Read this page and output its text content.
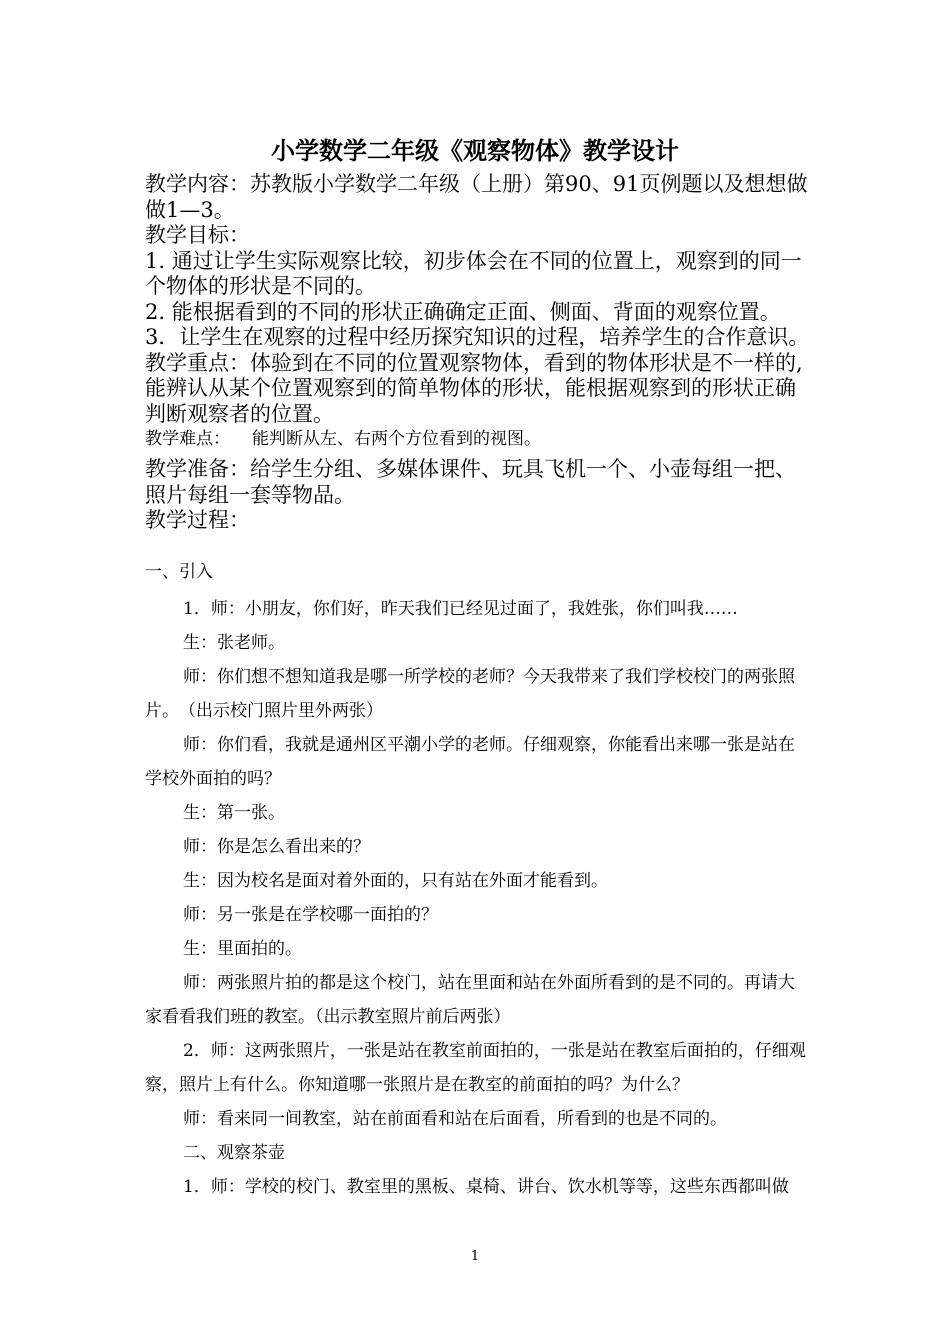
小学数学二年级《观察物体》教学设计

教学内容：苏教版小学数学二年级（上册）第90、91页例题以及想想做做1—3。

教学目标：

1. 通过让学生实际观察比较，初步体会在不同的位置上，观察到的同一个物体的形状是不同的。

2. 能根据看到的不同的形状正确确定正面、侧面、背面的观察位置。

3．让学生在观察的过程中经历探究知识的过程，培养学生的合作意识。

教学重点：体验到在不同的位置观察物体，看到的物体形状是不一样的,能辨认从某个位置观察到的简单物体的形状，能根据观察到的形状正确判断观察者的位置。

教学难点： 能判断从左、右两个方位看到的视图。

教学准备：给学生分组、多媒体课件、玩具飞机一个、小壶每组一把、照片每组一套等物品。

教学过程：

一、引入

1．师：小朋友，你们好，昨天我们已经见过面了，我姓张，你们叫我……

生：张老师。

师：你们想不想知道我是哪一所学校的老师？今天我带来了我们学校校门的两张照片。　（出示校门照片里外两张）

师：你们看，我就是通州区平潮小学的老师。仔细观察，你能看出来哪一张是站在学校外面拍的吗？

生：第一张。

师：你是怎么看出来的？

生：因为校名是面对着外面的，只有站在外面才能看到。

师：另一张是在学校哪一面拍的？

生：里面拍的。

师：两张照片拍的都是这个校门，站在里面和站在外面所看到的是不同的。再请大家看看我们班的教室。（出示教室照片前后两张）

2．师：这两张照片，一张是站在教室前面拍的，一张是站在教室后面拍的，仔细观察，照片上有什么。你知道哪一张照片是在教室的前面拍的吗？为什么？

师：看来同一间教室，站在前面看和站在后面看，所看到的也是不同的。

二、观察茶壶

1．师：学校的校门、教室里的黑板、桌椅、讲台、饮水机等等，这些东西都叫做

1
